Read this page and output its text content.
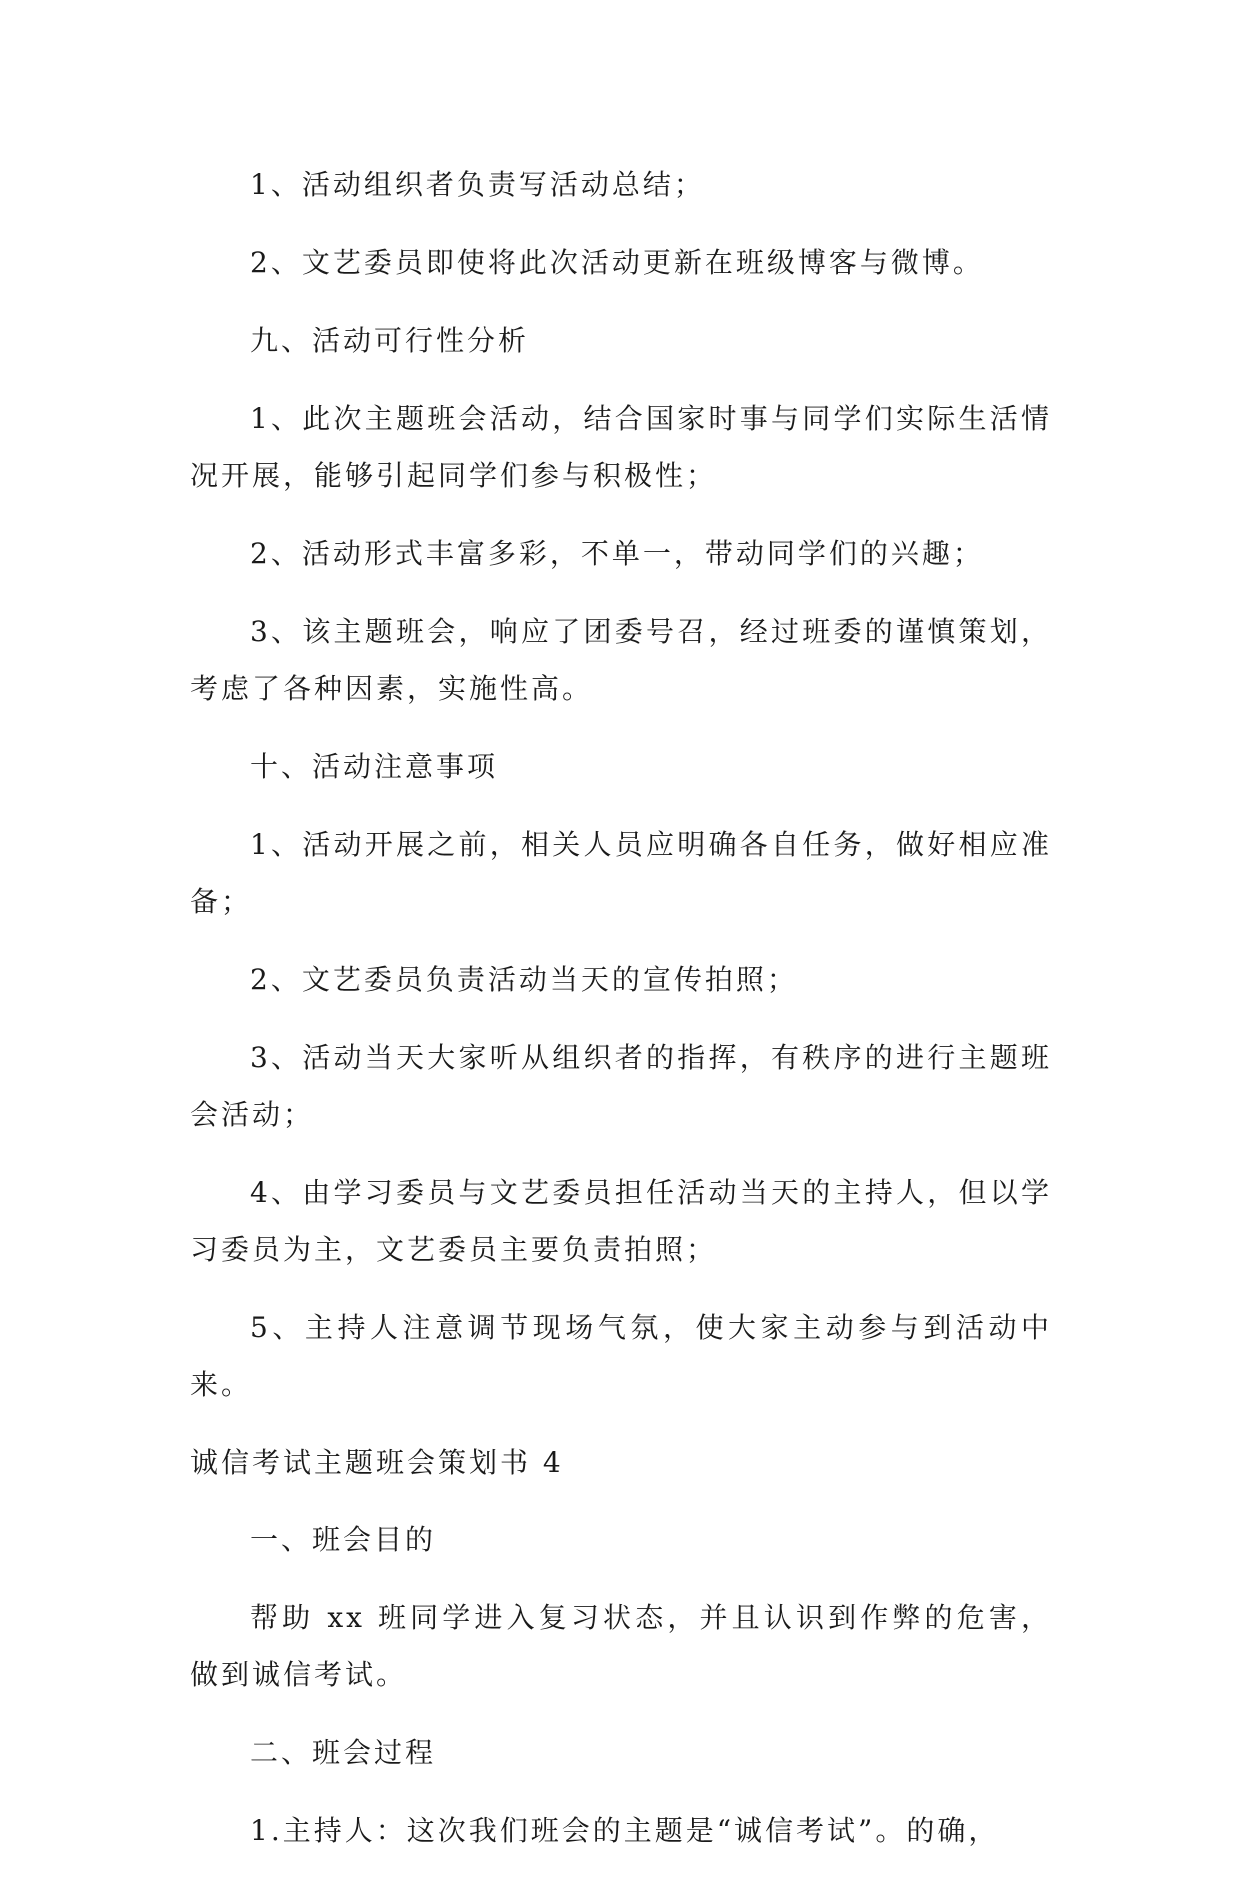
1、活动组织者负责写活动总结；

2、文艺委员即使将此次活动更新在班级博客与微博。

九、活动可行性分析

1、此次主题班会活动，结合国家时事与同学们实际生活情况开展，能够引起同学们参与积极性；

2、活动形式丰富多彩，不单一，带动同学们的兴趣；

3、该主题班会，响应了团委号召，经过班委的谨慎策划，考虑了各种因素，实施性高。

十、活动注意事项

1、活动开展之前，相关人员应明确各自任务，做好相应准备；

2、文艺委员负责活动当天的宣传拍照；

3、活动当天大家听从组织者的指挥，有秩序的进行主题班会活动；

4、由学习委员与文艺委员担任活动当天的主持人，但以学习委员为主，文艺委员主要负责拍照；

5、主持人注意调节现场气氛，使大家主动参与到活动中来。

诚信考试主题班会策划书 4

一、班会目的

帮助 xx 班同学进入复习状态，并且认识到作弊的危害，做到诚信考试。

二、班会过程

1.主持人：这次我们班会的主题是“诚信考试”。的确，
